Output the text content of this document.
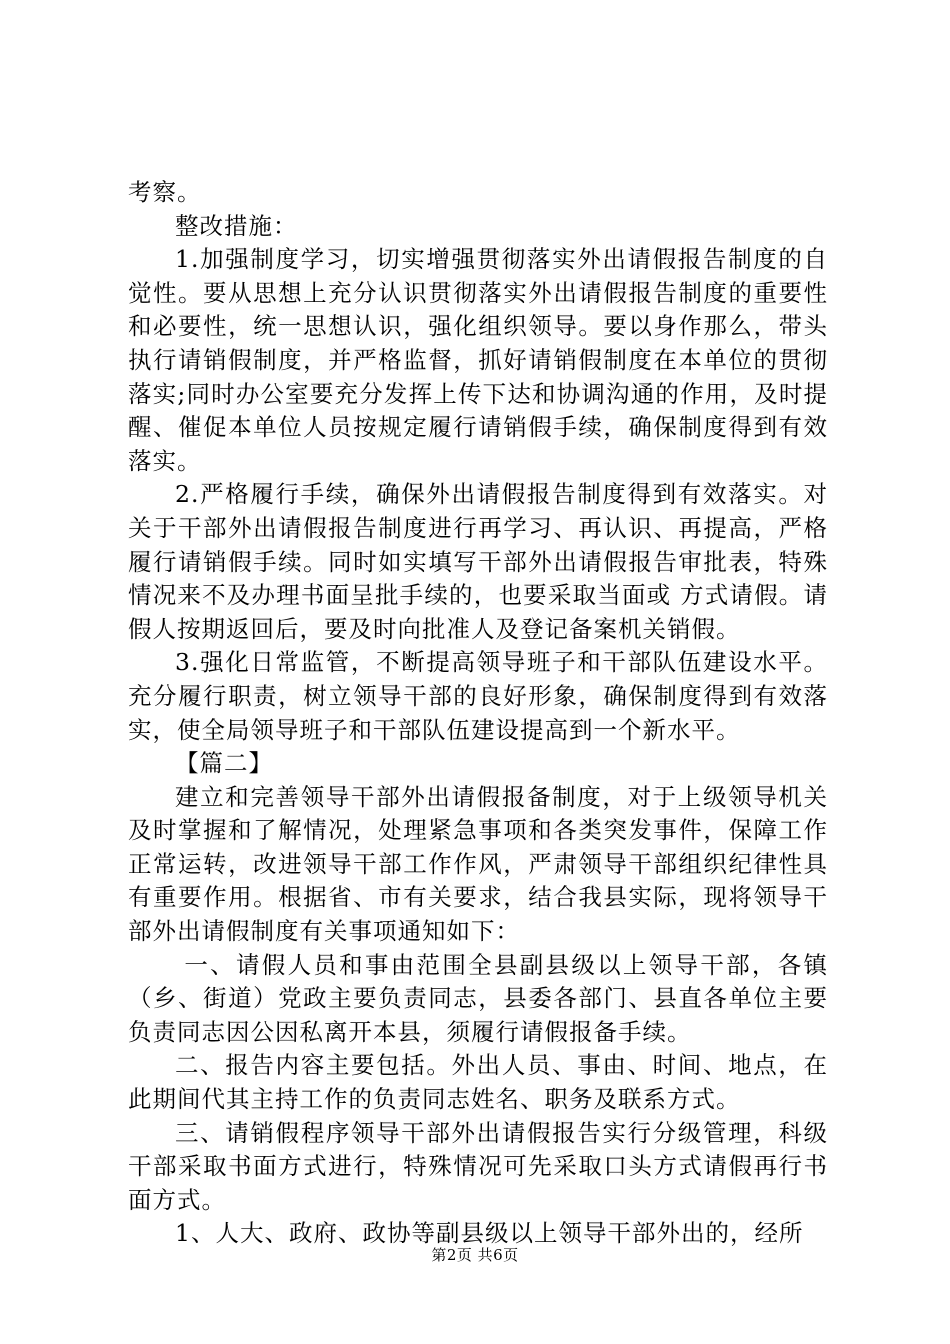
考察。

整改措施：

1.加强制度学习，切实增强贯彻落实外出请假报告制度的自觉性。要从思想上充分认识贯彻落实外出请假报告制度的重要性和必要性，统一思想认识，强化组织领导。要以身作那么，带头执行请销假制度，并严格监督，抓好请销假制度在本单位的贯彻落实;同时办公室要充分发挥上传下达和协调沟通的作用，及时提醒、催促本单位人员按规定履行请销假手续，确保制度得到有效落实。

2.严格履行手续，确保外出请假报告制度得到有效落实。对关于干部外出请假报告制度进行再学习、再认识、再提高，严格履行请销假手续。同时如实填写干部外出请假报告审批表，特殊情况来不及办理书面呈批手续的，也要采取当面或 方式请假。请假人按期返回后，要及时向批准人及登记备案机关销假。

3.强化日常监管，不断提高领导班子和干部队伍建设水平。充分履行职责，树立领导干部的良好形象，确保制度得到有效落实，使全局领导班子和干部队伍建设提高到一个新水平。

【篇二】

建立和完善领导干部外出请假报备制度，对于上级领导机关及时掌握和了解情况，处理紧急事项和各类突发事件，保障工作正常运转，改进领导干部工作作风，严肃领导干部组织纪律性具有重要作用。根据省、市有关要求，结合我县实际，现将领导干部外出请假制度有关事项通知如下：

一、请假人员和事由范围全县副县级以上领导干部，各镇（乡、街道）党政主要负责同志，县委各部门、县直各单位主要负责同志因公因私离开本县，须履行请假报备手续。

二、报告内容主要包括。外出人员、事由、时间、地点，在此期间代其主持工作的负责同志姓名、职务及联系方式。

三、请销假程序领导干部外出请假报告实行分级管理，科级干部采取书面方式进行，特殊情况可先采取口头方式请假再行书面方式。

1、人大、政府、政协等副县级以上领导干部外出的，经所

第2页 共6页
